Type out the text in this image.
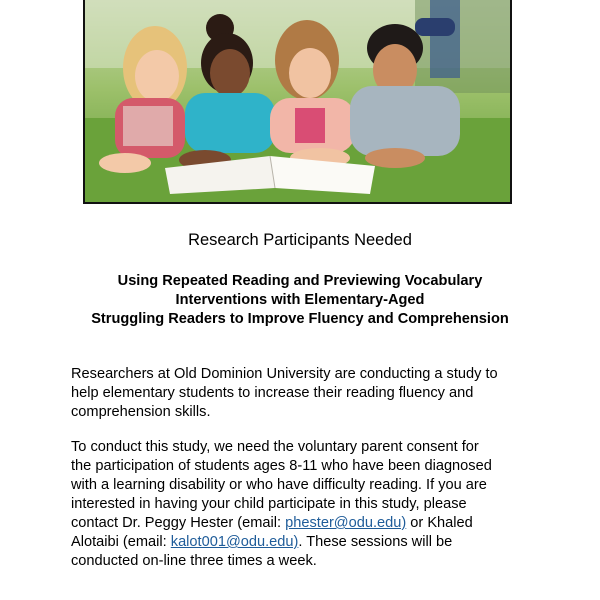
Research Participants Needed
Using Repeated Reading and Previewing Vocabulary
Interventions with Elementary-Aged
Struggling Readers to Improve Fluency and Comprehension
Researchers at Old Dominion University are conducting a study to
help elementary students to increase their reading fluency and
comprehension skills.
To conduct this study, we need the voluntary parent consent for
the participation of students ages 8-11 who have been diagnosed
with a learning disability or who have difficulty reading. If you are
interested in having your child participate in this study, please
contact Dr. Peggy Hester (email: phester@odu.edu) or Khaled
Alotaibi (email: kalot001@odu.edu). These sessions will be
conducted on-line three times a week.
